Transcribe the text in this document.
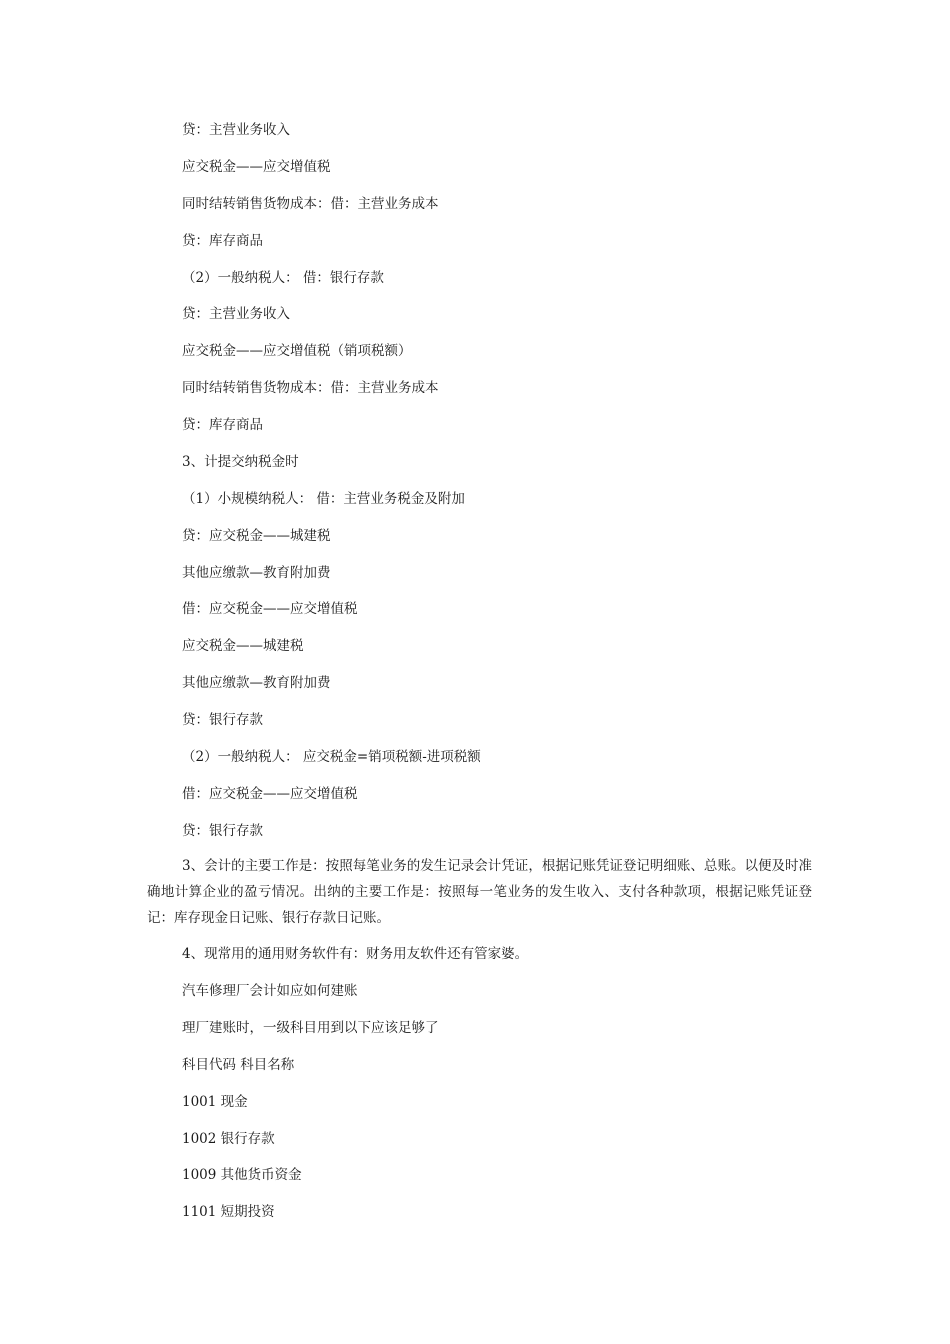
贷：主营业务收入
应交税金——应交增值税
同时结转销售货物成本：借：主营业务成本
贷：库存商品
（2）一般纳税人： 借：银行存款
贷：主营业务收入
应交税金——应交增值税（销项税额）
同时结转销售货物成本：借：主营业务成本
贷：库存商品
3、计提交纳税金时
（1）小规模纳税人： 借：主营业务税金及附加
贷：应交税金——城建税
其他应缴款—教育附加费
借：应交税金——应交增值税
应交税金——城建税
其他应缴款—教育附加费
贷：银行存款
（2）一般纳税人： 应交税金=销项税额-进项税额
借：应交税金——应交增值税
贷：银行存款
3、会计的主要工作是：按照每笔业务的发生记录会计凭证，根据记账凭证登记明细账、总账。以便及时准确地计算企业的盈亏情况。出纳的主要工作是：按照每一笔业务的发生收入、支付各种款项，根据记账凭证登记：库存现金日记账、银行存款日记账。
4、现常用的通用财务软件有：财务用友软件还有管家婆。
汽车修理厂会计如应如何建账
理厂建账时，一级科目用到以下应该足够了
科目代码 科目名称
1001 现金
1002 银行存款
1009 其他货币资金
1101 短期投资
